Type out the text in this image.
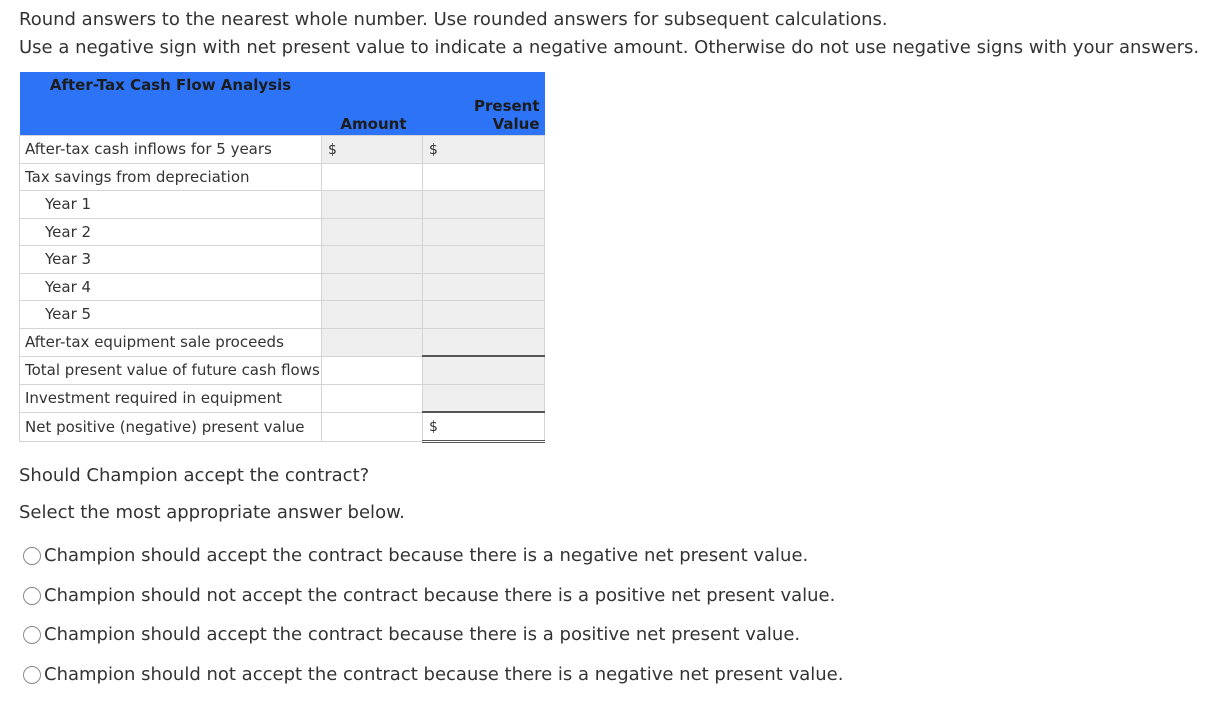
Round answers to the nearest whole number. Use rounded answers for subsequent calculations.

Use a negative sign with net present value to indicate a negative amount. Otherwise do not use negative signs with your answers.

After-Tax Cash Flow Analysis		

	Amount	Present Value
After-tax cash inflows for 5 years	$	$
Tax savings from depreciation		
Year 1		
Year 2		
Year 3		
Year 4		
Year 5		
After-tax equipment sale proceeds		
Total present value of future cash flows		
Investment required in equipment		
Net positive (negative) present value		$

Should Champion accept the contract?

Select the most appropriate answer below.

Champion should accept the contract because there is a negative net present value.
Champion should not accept the contract because there is a positive net present value.
Champion should accept the contract because there is a positive net present value.
Champion should not accept the contract because there is a negative net present value.
